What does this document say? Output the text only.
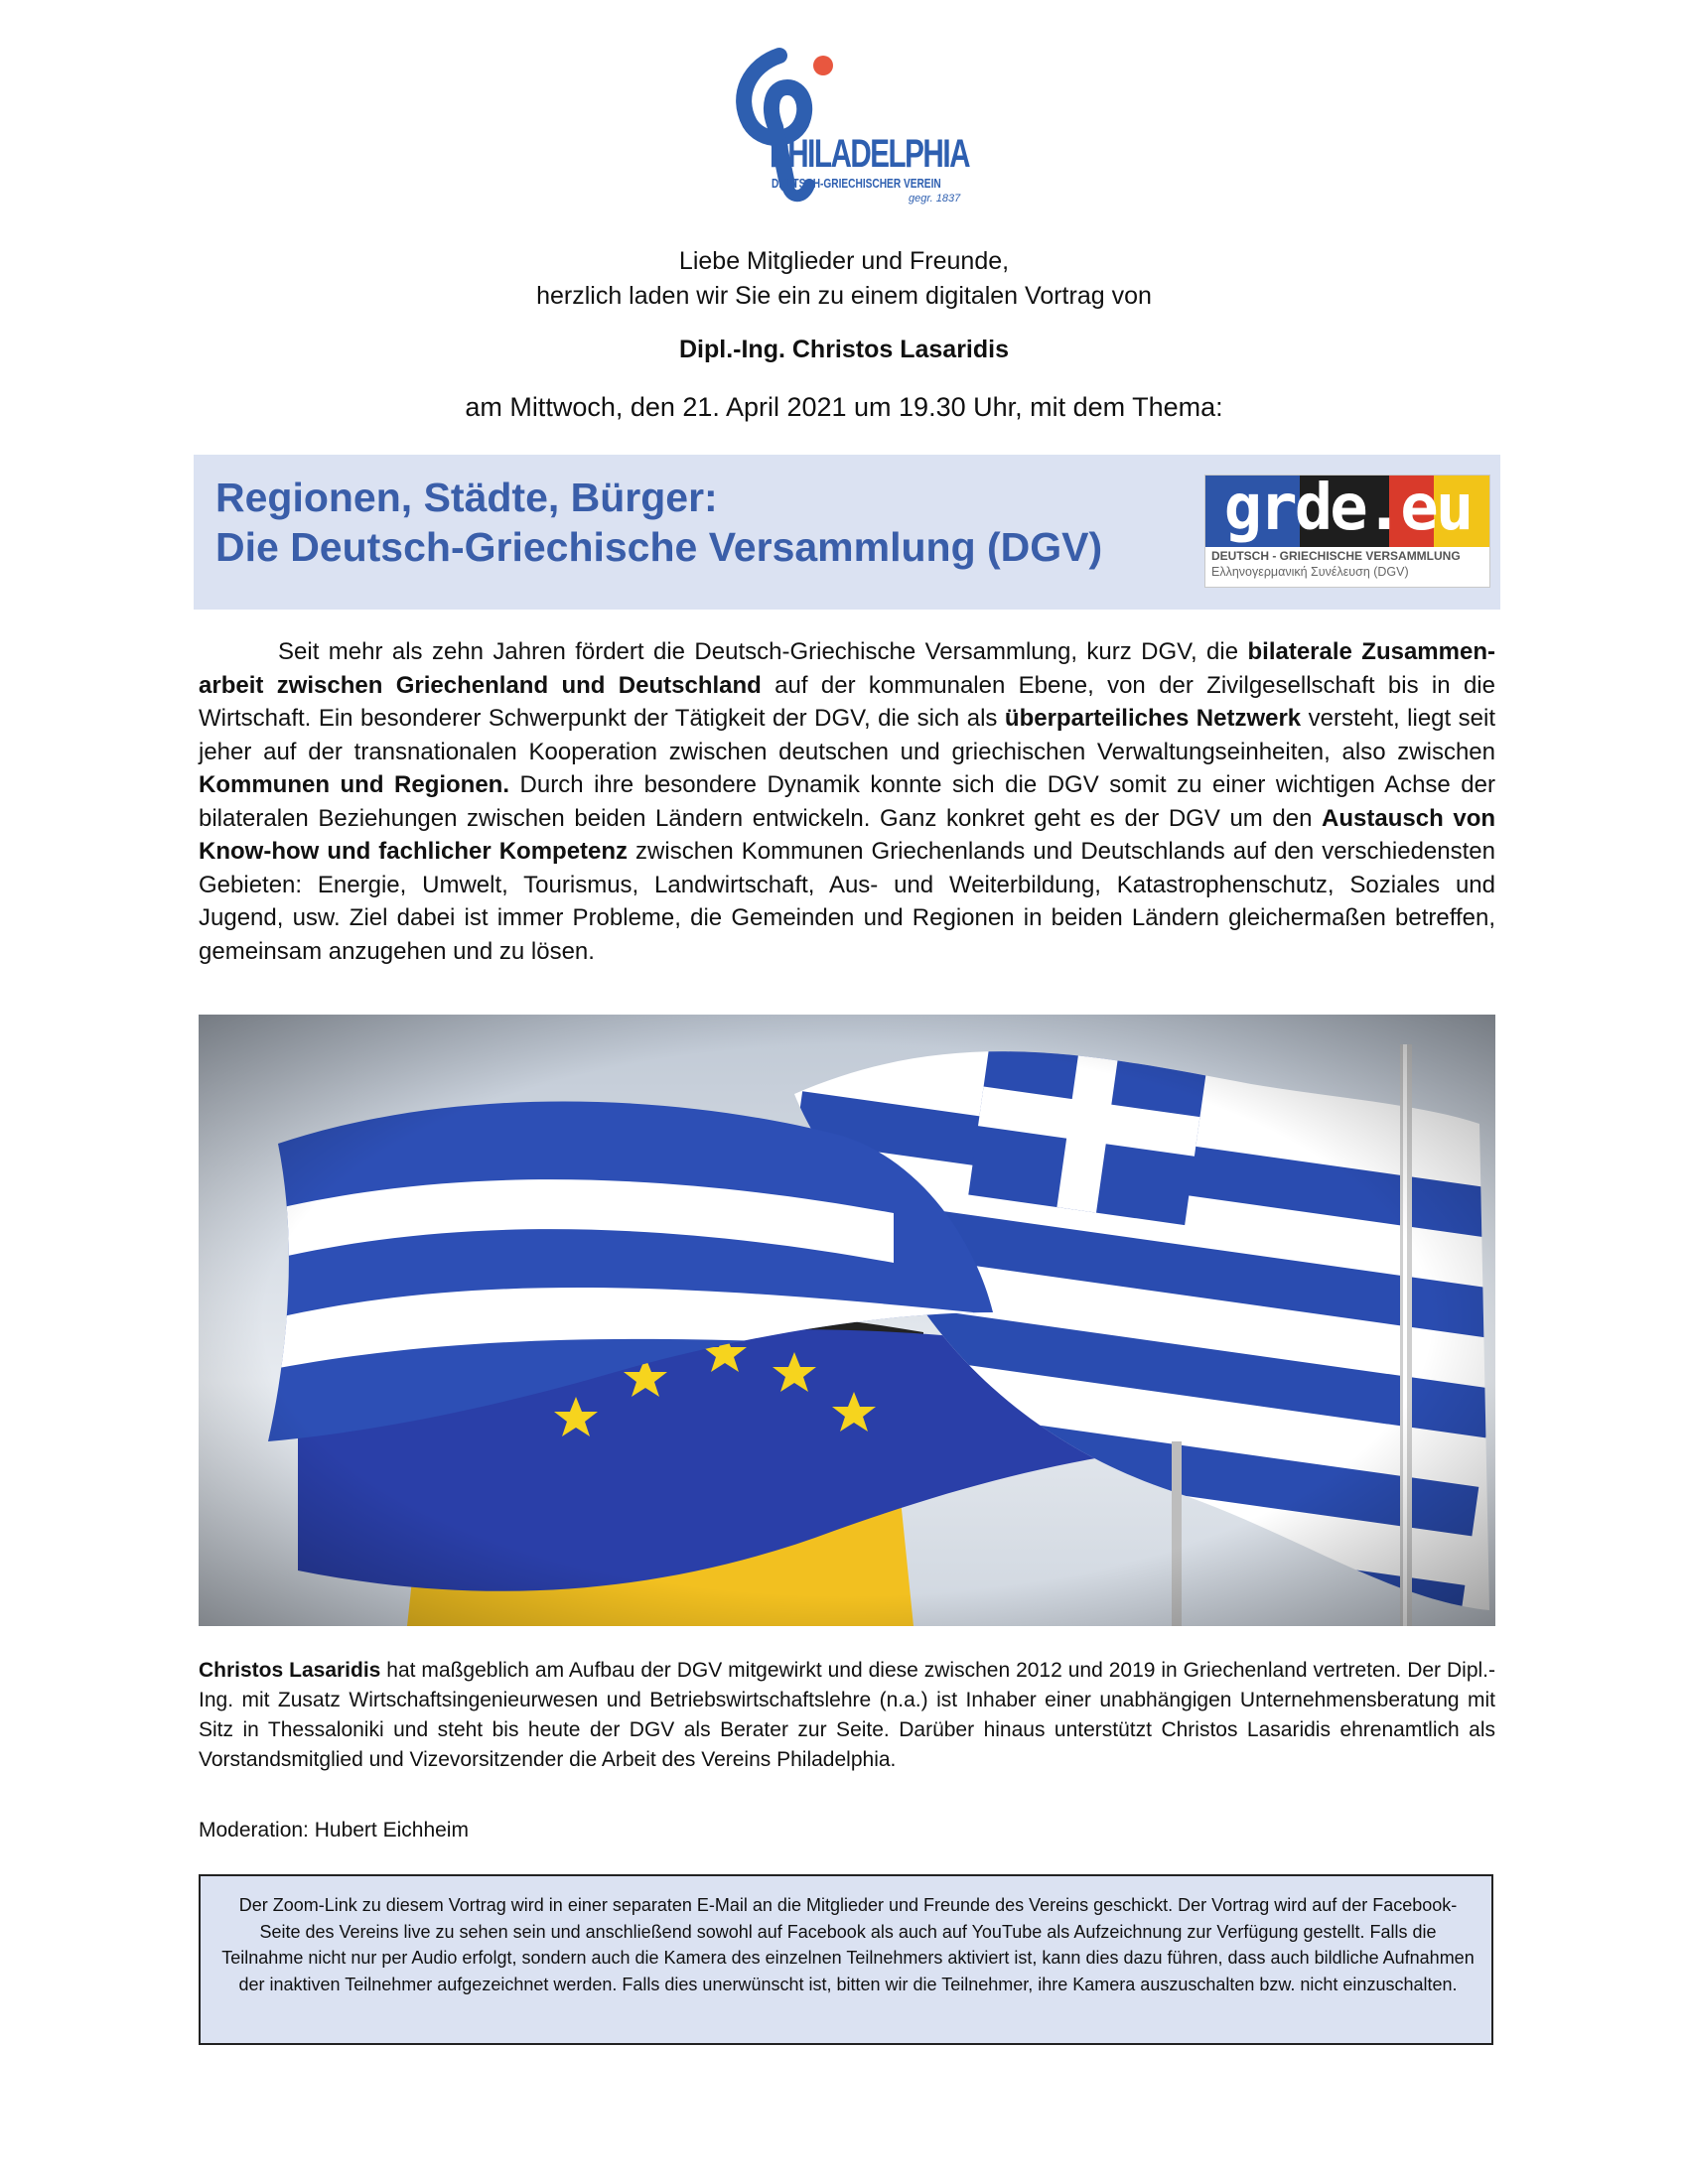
PHILADELPHIA
DEUTSCH-GRIECHISCHER VEREIN
gegr. 1837
Liebe Mitglieder und Freunde,
herzlich laden wir Sie ein zu einem digitalen Vortrag von
Dipl.-Ing. Christos Lasaridis
am Mittwoch, den 21. April 2021 um 19.30 Uhr, mit dem Thema:
Regionen, Städte, Bürger:
Die Deutsch-Griechische Versammlung (DGV)
grde.eu
DEUTSCH - GRIECHISCHE VERSAMMLUNG
Ελληνογερμανική Συνέλευση (DGV)

Seit mehr als zehn Jahren fördert die Deutsch-Griechische Versammlung, kurz DGV, die bilaterale Zusammenarbeit zwischen Griechenland und Deutschland auf der kommunalen Ebene, von der Zivilgesellschaft bis in die Wirtschaft. Ein besonderer Schwerpunkt der Tätigkeit der DGV, die sich als überparteiliches Netzwerk versteht, liegt seit jeher auf der transnationalen Kooperation zwischen deutschen und griechischen Verwaltungseinheiten, also zwischen Kommunen und Regionen. Durch ihre besondere Dynamik konnte sich die DGV somit zu einer wichtigen Achse der bilateralen Beziehungen zwischen beiden Ländern entwickeln. Ganz konkret geht es der DGV um den Austausch von Know-how und fachlicher Kompetenz zwischen Kommunen Griechenlands und Deutschlands auf den verschiedensten Gebieten: Energie, Umwelt, Tourismus, Landwirtschaft, Aus- und Weiterbildung, Katastrophenschutz, Soziales und Jugend, usw. Ziel dabei ist immer Probleme, die Gemeinden und Regionen in beiden Ländern gleichermaßen betreffen, gemeinsam anzugehen und zu lösen.

Christos Lasaridis hat maßgeblich am Aufbau der DGV mitgewirkt und diese zwischen 2012 und 2019 in Griechenland vertreten. Der Dipl.-Ing. mit Zusatz Wirtschaftsingenieurwesen und Betriebswirtschaftslehre (n.a.) ist Inhaber einer unabhängigen Unternehmensberatung mit Sitz in Thessaloniki und steht bis heute der DGV als Berater zur Seite. Darüber hinaus unterstützt Christos Lasaridis ehrenamtlich als Vorstandsmitglied und Vizevorsitzender die Arbeit des Vereins Philadelphia.

Moderation: Hubert Eichheim
Der Zoom-Link zu diesem Vortrag wird in einer separaten E-Mail an die Mitglieder und Freunde des Vereins geschickt. Der Vortrag wird auf der Facebook-Seite des Vereins live zu sehen sein und anschließend sowohl auf Facebook als auch auf YouTube als Aufzeichnung zur Verfügung gestellt. Falls die Teilnahme nicht nur per Audio erfolgt, sondern auch die Kamera des einzelnen Teilnehmers aktiviert ist, kann dies dazu führen, dass auch bildliche Aufnahmen der inaktiven Teilnehmer aufgezeichnet werden. Falls dies unerwünscht ist, bitten wir die Teilnehmer, ihre Kamera auszuschalten bzw. nicht einzuschalten.
